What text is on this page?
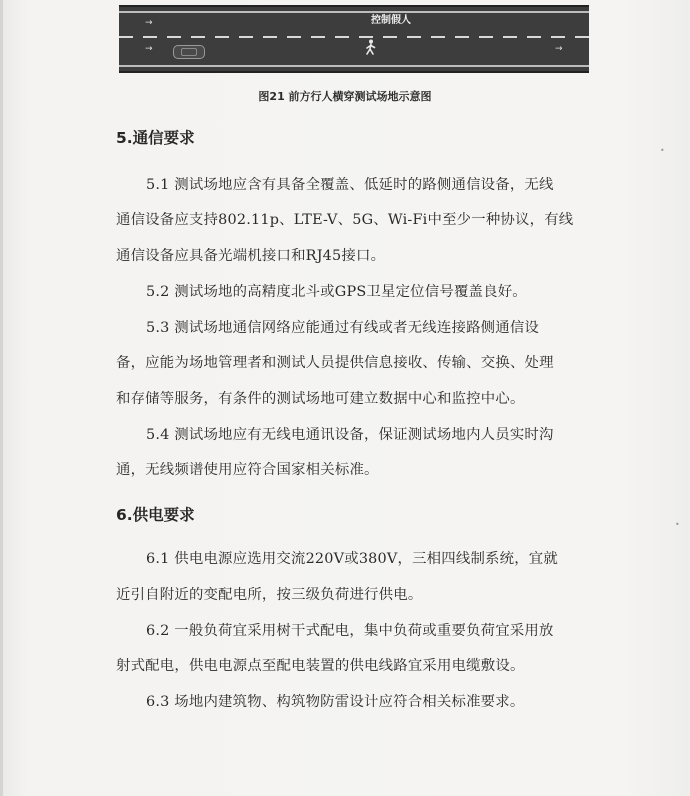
→
→	→
控制假人
图21 前方行人横穿测试场地示意图
5.通信要求
5.1 测试场地应含有具备全覆盖、低延时的路侧通信设备，无线
通信设备应支持802.11p、LTE-V、5G、Wi-Fi中至少一种协议，有线
通信设备应具备光端机接口和RJ45接口。
5.2 测试场地的高精度北斗或GPS卫星定位信号覆盖良好。
5.3 测试场地通信网络应能通过有线或者无线连接路侧通信设
备，应能为场地管理者和测试人员提供信息接收、传输、交换、处理
和存储等服务，有条件的测试场地可建立数据中心和监控中心。
5.4 测试场地应有无线电通讯设备，保证测试场地内人员实时沟
通，无线频谱使用应符合国家相关标准。
6.供电要求
6.1 供电电源应选用交流220V或380V，三相四线制系统，宜就
近引自附近的变配电所，按三级负荷进行供电。
6.2 一般负荷宜采用树干式配电，集中负荷或重要负荷宜采用放
射式配电，供电电源点至配电装置的供电线路宜采用电缆敷设。
6.3 场地内建筑物、构筑物防雷设计应符合相关标准要求。
•
•
